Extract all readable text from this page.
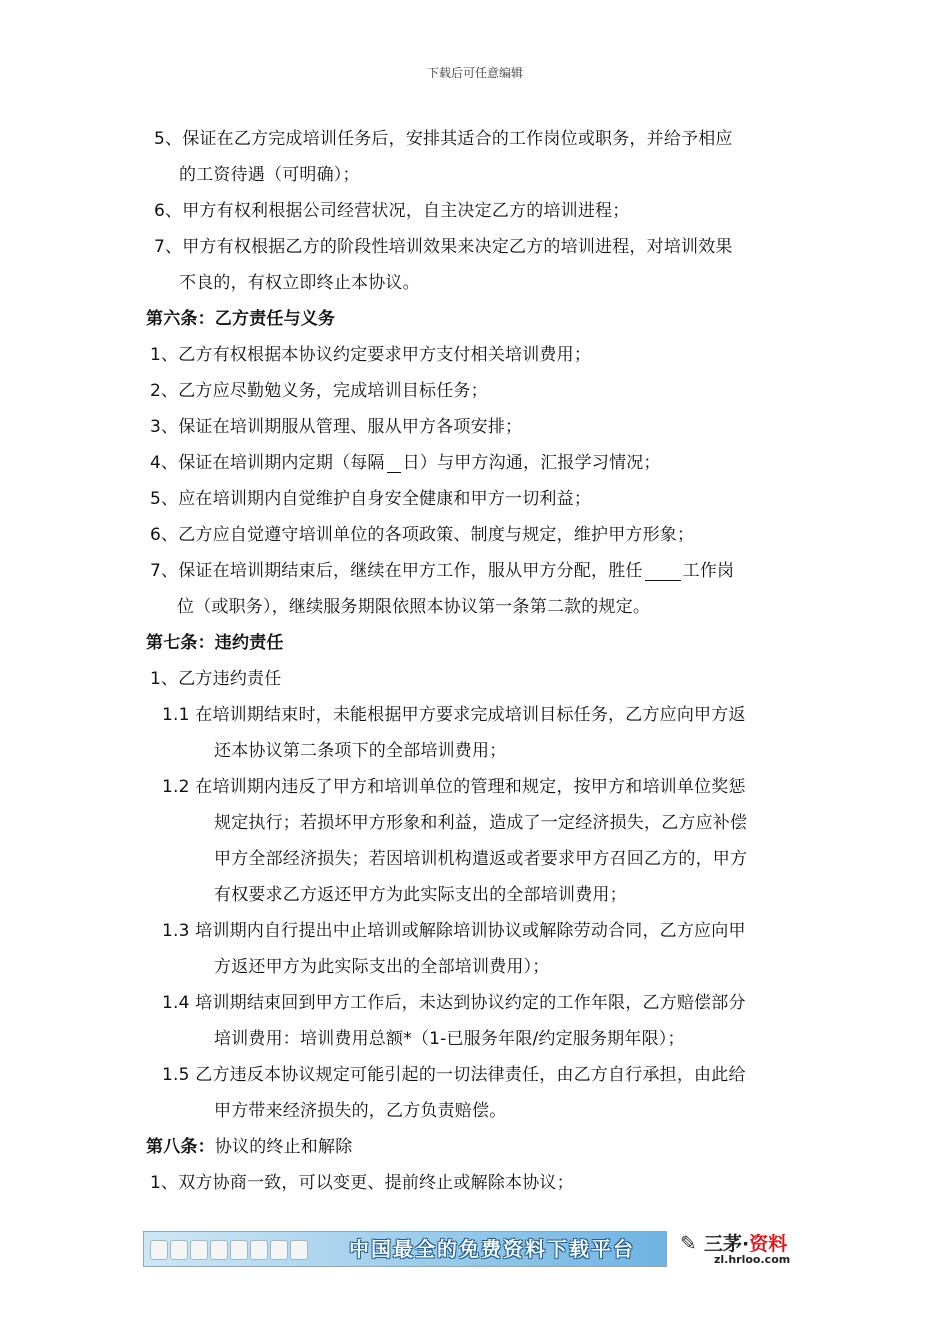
下载后可任意编辑
5、保证在乙方完成培训任务后，安排其适合的工作岗位或职务，并给予相应
的工资待遇（可明确）；
6、甲方有权利根据公司经营状况，自主决定乙方的培训进程；
7、甲方有权根据乙方的阶段性培训效果来决定乙方的培训进程，对培训效果
不良的，有权立即终止本协议。
第六条：乙方责任与义务
1、乙方有权根据本协议约定要求甲方支付相关培训费用；
2、乙方应尽勤勉义务，完成培训目标任务；
3、保证在培训期服从管理、服从甲方各项安排；
4、保证在培训期内定期（每隔 日）与甲方沟通，汇报学习情况；
5、应在培训期内自觉维护自身安全健康和甲方一切利益；
6、乙方应自觉遵守培训单位的各项政策、制度与规定，维护甲方形象；
7、保证在培训期结束后，继续在甲方工作，服从甲方分配，胜任 工作岗
位（或职务），继续服务期限依照本协议第一条第二款的规定。
第七条：违约责任
1、乙方违约责任
1.1 在培训期结束时，未能根据甲方要求完成培训目标任务，乙方应向甲方返
还本协议第二条项下的全部培训费用；
1.2 在培训期内违反了甲方和培训单位的管理和规定，按甲方和培训单位奖惩
规定执行；若损坏甲方形象和利益，造成了一定经济损失，乙方应补偿
甲方全部经济损失；若因培训机构遣返或者要求甲方召回乙方的，甲方
有权要求乙方返还甲方为此实际支出的全部培训费用；
1.3 培训期内自行提出中止培训或解除培训协议或解除劳动合同，乙方应向甲
方返还甲方为此实际支出的全部培训费用）；
1.4 培训期结束回到甲方工作后，未达到协议约定的工作年限，乙方赔偿部分
培训费用：培训费用总额*（1-已服务年限/约定服务期年限）；
1.5 乙方违反本协议规定可能引起的一切法律责任，由乙方自行承担，由此给
甲方带来经济损失的，乙方负责赔偿。
第八条：协议的终止和解除
1、双方协商一致，可以变更、提前终止或解除本协议；
中国最全的免费资料下载平台 ✎ 三茅·资料
zl.hrloo.com
